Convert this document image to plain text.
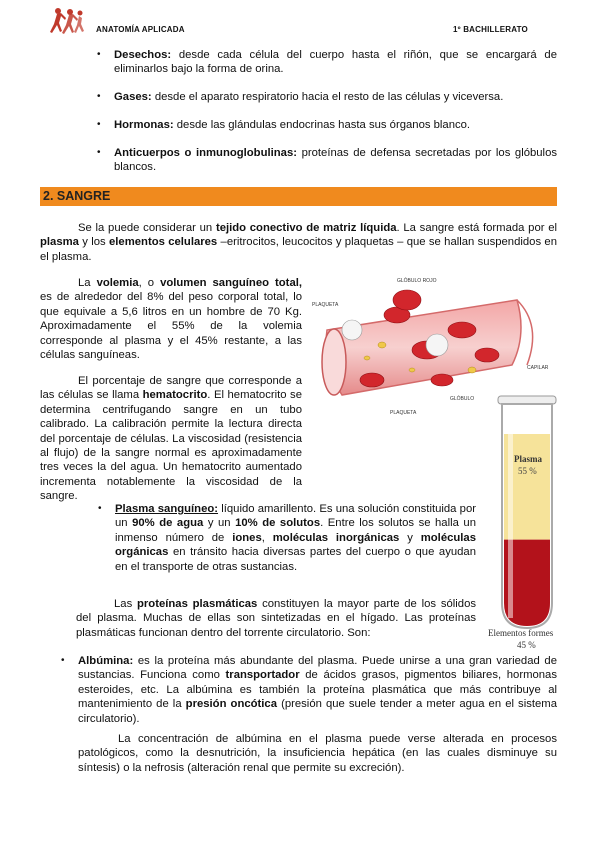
ANATOMÍA APLICADA	1º BACHILLERATO
• Desechos: desde cada célula del cuerpo hasta el riñón, que se encargará de eliminarlos bajo la forma de orina.
• Gases: desde el aparato respiratorio hacia el resto de las células y viceversa.
• Hormonas: desde las glándulas endocrinas hasta sus órganos blanco.
• Anticuerpos o inmunoglobulinas: proteínas de defensa secretadas por los glóbulos blancos.
2. SANGRE
Se la puede considerar un tejido conectivo de matriz líquida. La sangre está formada por el plasma y los elementos celulares –eritrocitos, leucocitos y plaquetas – que se hallan suspendidos en el plasma.
La volemia, o volumen sanguíneo total, es de alrededor del 8% del peso corporal total, lo que equivale a 5,6 litros en un hombre de 70 Kg. Aproximadamente el 55% de la volemia corresponde al plasma y el 45% restante, a las células sanguíneas.
GLÓBULO ROJO
PLAQUETA
CAPILAR
GLÓBULO
PLAQUETA
El porcentaje de sangre que corresponde a las células se llama hematocrito. El hematocrito se determina centrifugando sangre en un tubo calibrado. La calibración permite la lectura directa del porcentaje de células. La viscosidad (resistencia al flujo) de la sangre normal es aproximadamente tres veces la del agua. Un hematocrito aumentado incrementa notablemente la viscosidad de la sangre.
Plasma
55 %
Elementos formes
45 %
• Plasma sanguíneo: líquido amarillento. Es una solución constituida por un 90% de agua y un 10% de solutos. Entre los solutos se halla un inmenso número de iones, moléculas inorgánicas y moléculas orgánicas en tránsito hacia diversas partes del cuerpo o que ayudan en el transporte de otras sustancias.
Las proteínas plasmáticas constituyen la mayor parte de los sólidos del plasma. Muchas de ellas son sintetizadas en el hígado. Las proteínas plasmáticas funcionan dentro del torrente circulatorio. Son:
• Albúmina: es la proteína más abundante del plasma. Puede unirse a una gran variedad de sustancias. Funciona como transportador de ácidos grasos, pigmentos biliares, hormonas esteroides, etc. La albúmina es también la proteína plasmática que más contribuye al mantenimiento de la presión oncótica (presión que suele tender a meter agua en el sistema circulatorio).
La concentración de albúmina en el plasma puede verse alterada en procesos patológicos, como la desnutrición, la insuficiencia hepática (en las cuales disminuye su síntesis) o la nefrosis (alteración renal que permite su excreción).
